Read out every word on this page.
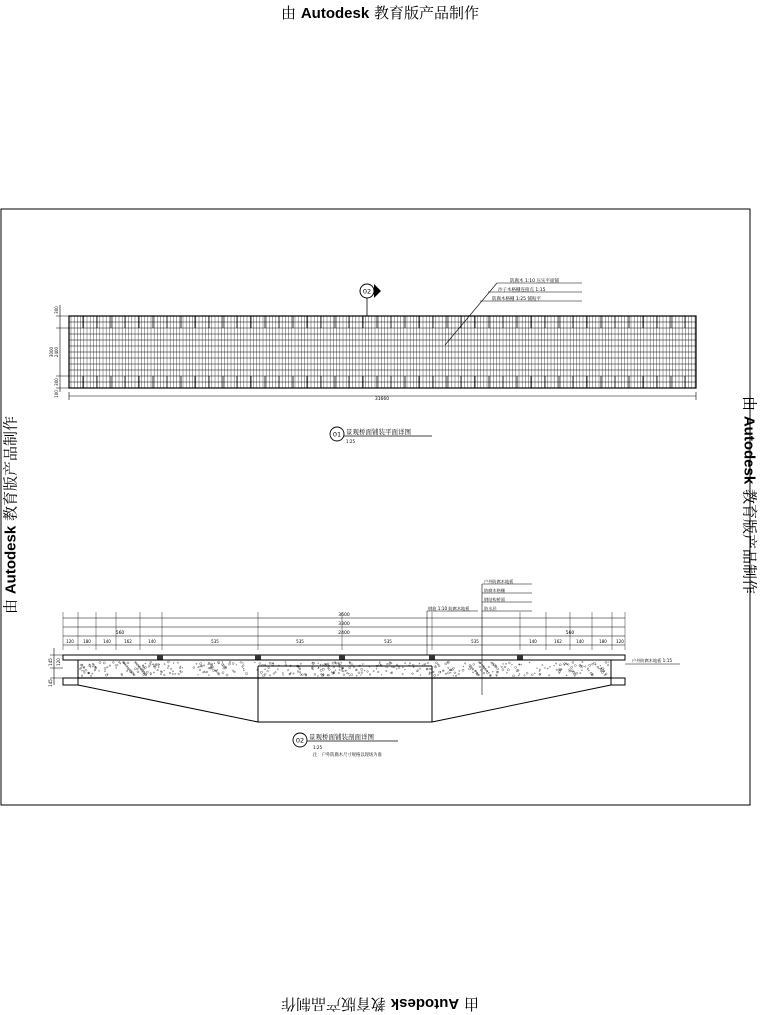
由 Autodesk 教育版产品制作
由 Autodesk 教育版产品制作
由 Autodesk 教育版产品制作
由 Autodesk 教育版产品制作
02
防腐木 1:10 压实平面铺
沙子木格栅连接点 1:15
防腐木格栅 1:25 铺贴平
300
2400
3000
300
100
31660
01 景观桥面铺装平面详图
1:25
3600
3300
2400
560	560
120 180	140	162	140	535	535	535	535	140	162	140	180 120
145 120
145
户外防腐木地板
防腐木格栅
钢结构桥面
防水层
钢筋 1:10 防腐木地板
户外防腐木地板 1:15
02 景观桥面铺装剖面详图
1:25
注：户外防腐木尺寸规格以现场为准
